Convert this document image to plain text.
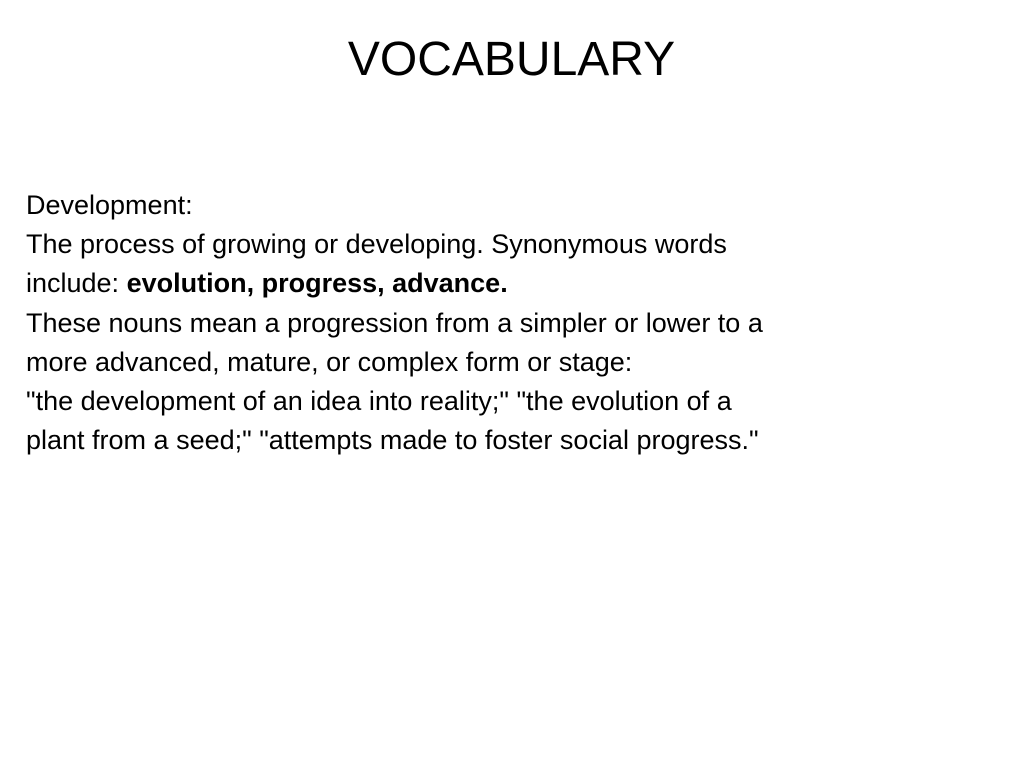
VOCABULARY
Development:
The process of growing or developing. Synonymous words
include: evolution, progress, advance.
These nouns mean a progression from a simpler or lower to a
more advanced, mature, or complex form or stage:
"the development of an idea into reality;" "the evolution of a
plant from a seed;" "attempts made to foster social progress."
